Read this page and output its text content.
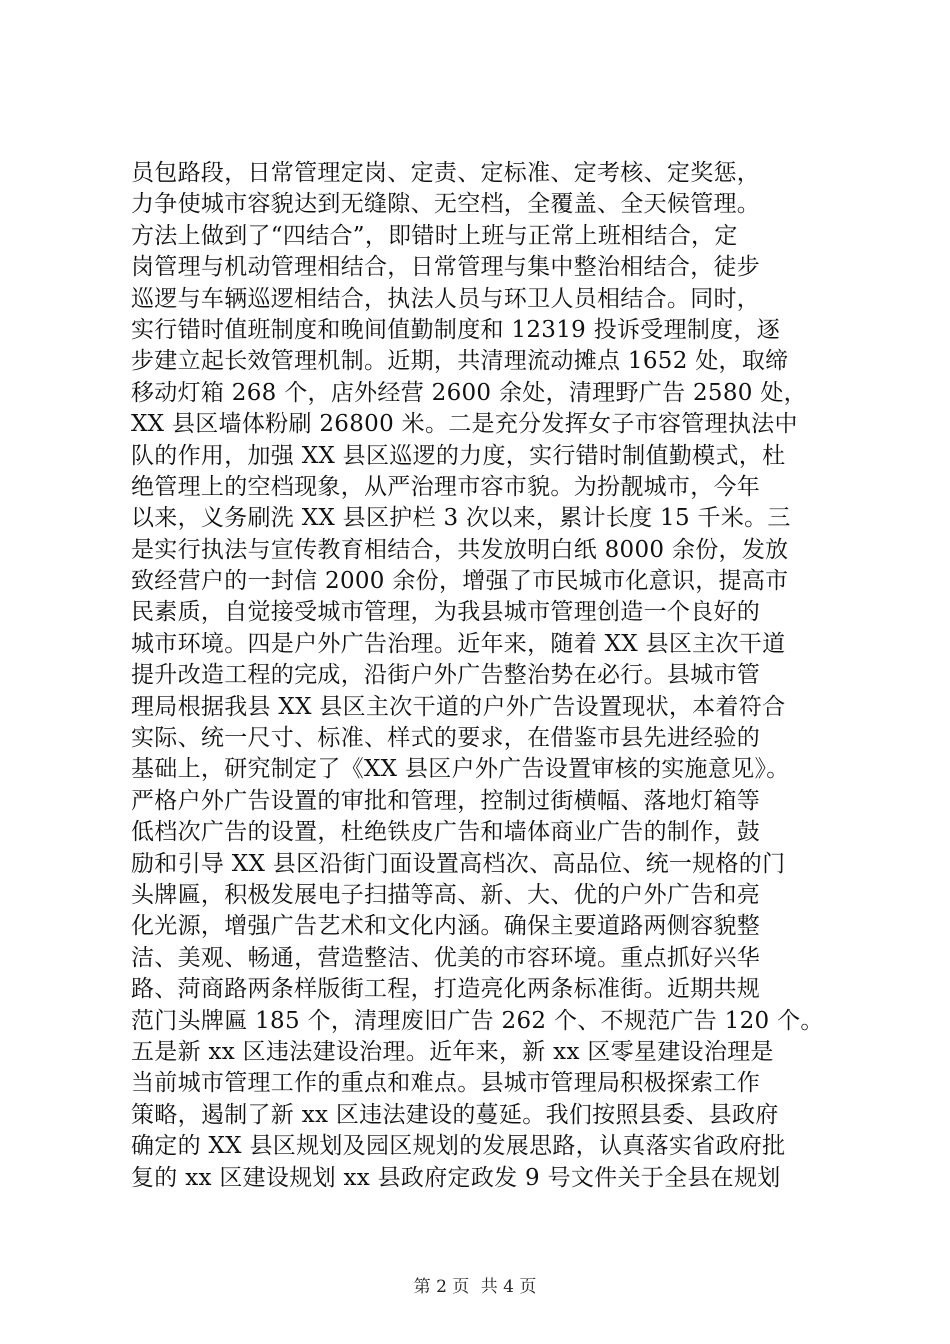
员包路段，日常管理定岗、定责、定标准、定考核、定奖惩，
力争使城市容貌达到无缝隙、无空档，全覆盖、全天候管理。
方法上做到了“四结合”，即错时上班与正常上班相结合，定
岗管理与机动管理相结合，日常管理与集中整治相结合，徒步
巡逻与车辆巡逻相结合，执法人员与环卫人员相结合。同时，
实行错时值班制度和晚间值勤制度和 12319 投诉受理制度，逐
步建立起长效管理机制。近期，共清理流动摊点 1652 处，取缔
移动灯箱 268 个，店外经营 2600 余处，清理野广告 2580 处，
XX 县区墙体粉刷 26800 米。二是充分发挥女子市容管理执法中
队的作用，加强 XX 县区巡逻的力度，实行错时制值勤模式，杜
绝管理上的空档现象，从严治理市容市貌。为扮靓城市，今年
以来，义务刷洗 XX 县区护栏 3 次以来，累计长度 15 千米。三
是实行执法与宣传教育相结合，共发放明白纸 8000 余份，发放
致经营户的一封信 2000 余份，增强了市民城市化意识，提高市
民素质，自觉接受城市管理，为我县城市管理创造一个良好的
城市环境。四是户外广告治理。近年来，随着 XX 县区主次干道
提升改造工程的完成，沿街户外广告整治势在必行。县城市管
理局根据我县 XX 县区主次干道的户外广告设置现状，本着符合
实际、统一尺寸、标准、样式的要求，在借鉴市县先进经验的
基础上，研究制定了《XX 县区户外广告设置审核的实施意见》。
严格户外广告设置的审批和管理，控制过街横幅、落地灯箱等
低档次广告的设置，杜绝铁皮广告和墙体商业广告的制作，鼓
励和引导 XX 县区沿街门面设置高档次、高品位、统一规格的门
头牌匾，积极发展电子扫描等高、新、大、优的户外广告和亮
化光源，增强广告艺术和文化内涵。确保主要道路两侧容貌整
洁、美观、畅通，营造整洁、优美的市容环境。重点抓好兴华
路、菏商路两条样版街工程，打造亮化两条标准街。近期共规
范门头牌匾 185 个，清理废旧广告 262 个、不规范广告 120 个。
五是新 xx 区违法建设治理。近年来，新 xx 区零星建设治理是
当前城市管理工作的重点和难点。县城市管理局积极探索工作
策略，遏制了新 xx 区违法建设的蔓延。我们按照县委、县政府
确定的 XX 县区规划及园区规划的发展思路，认真落实省政府批
复的 xx 区建设规划 xx 县政府定政发 9 号文件关于全县在规划
第 2 页 共 4 页
